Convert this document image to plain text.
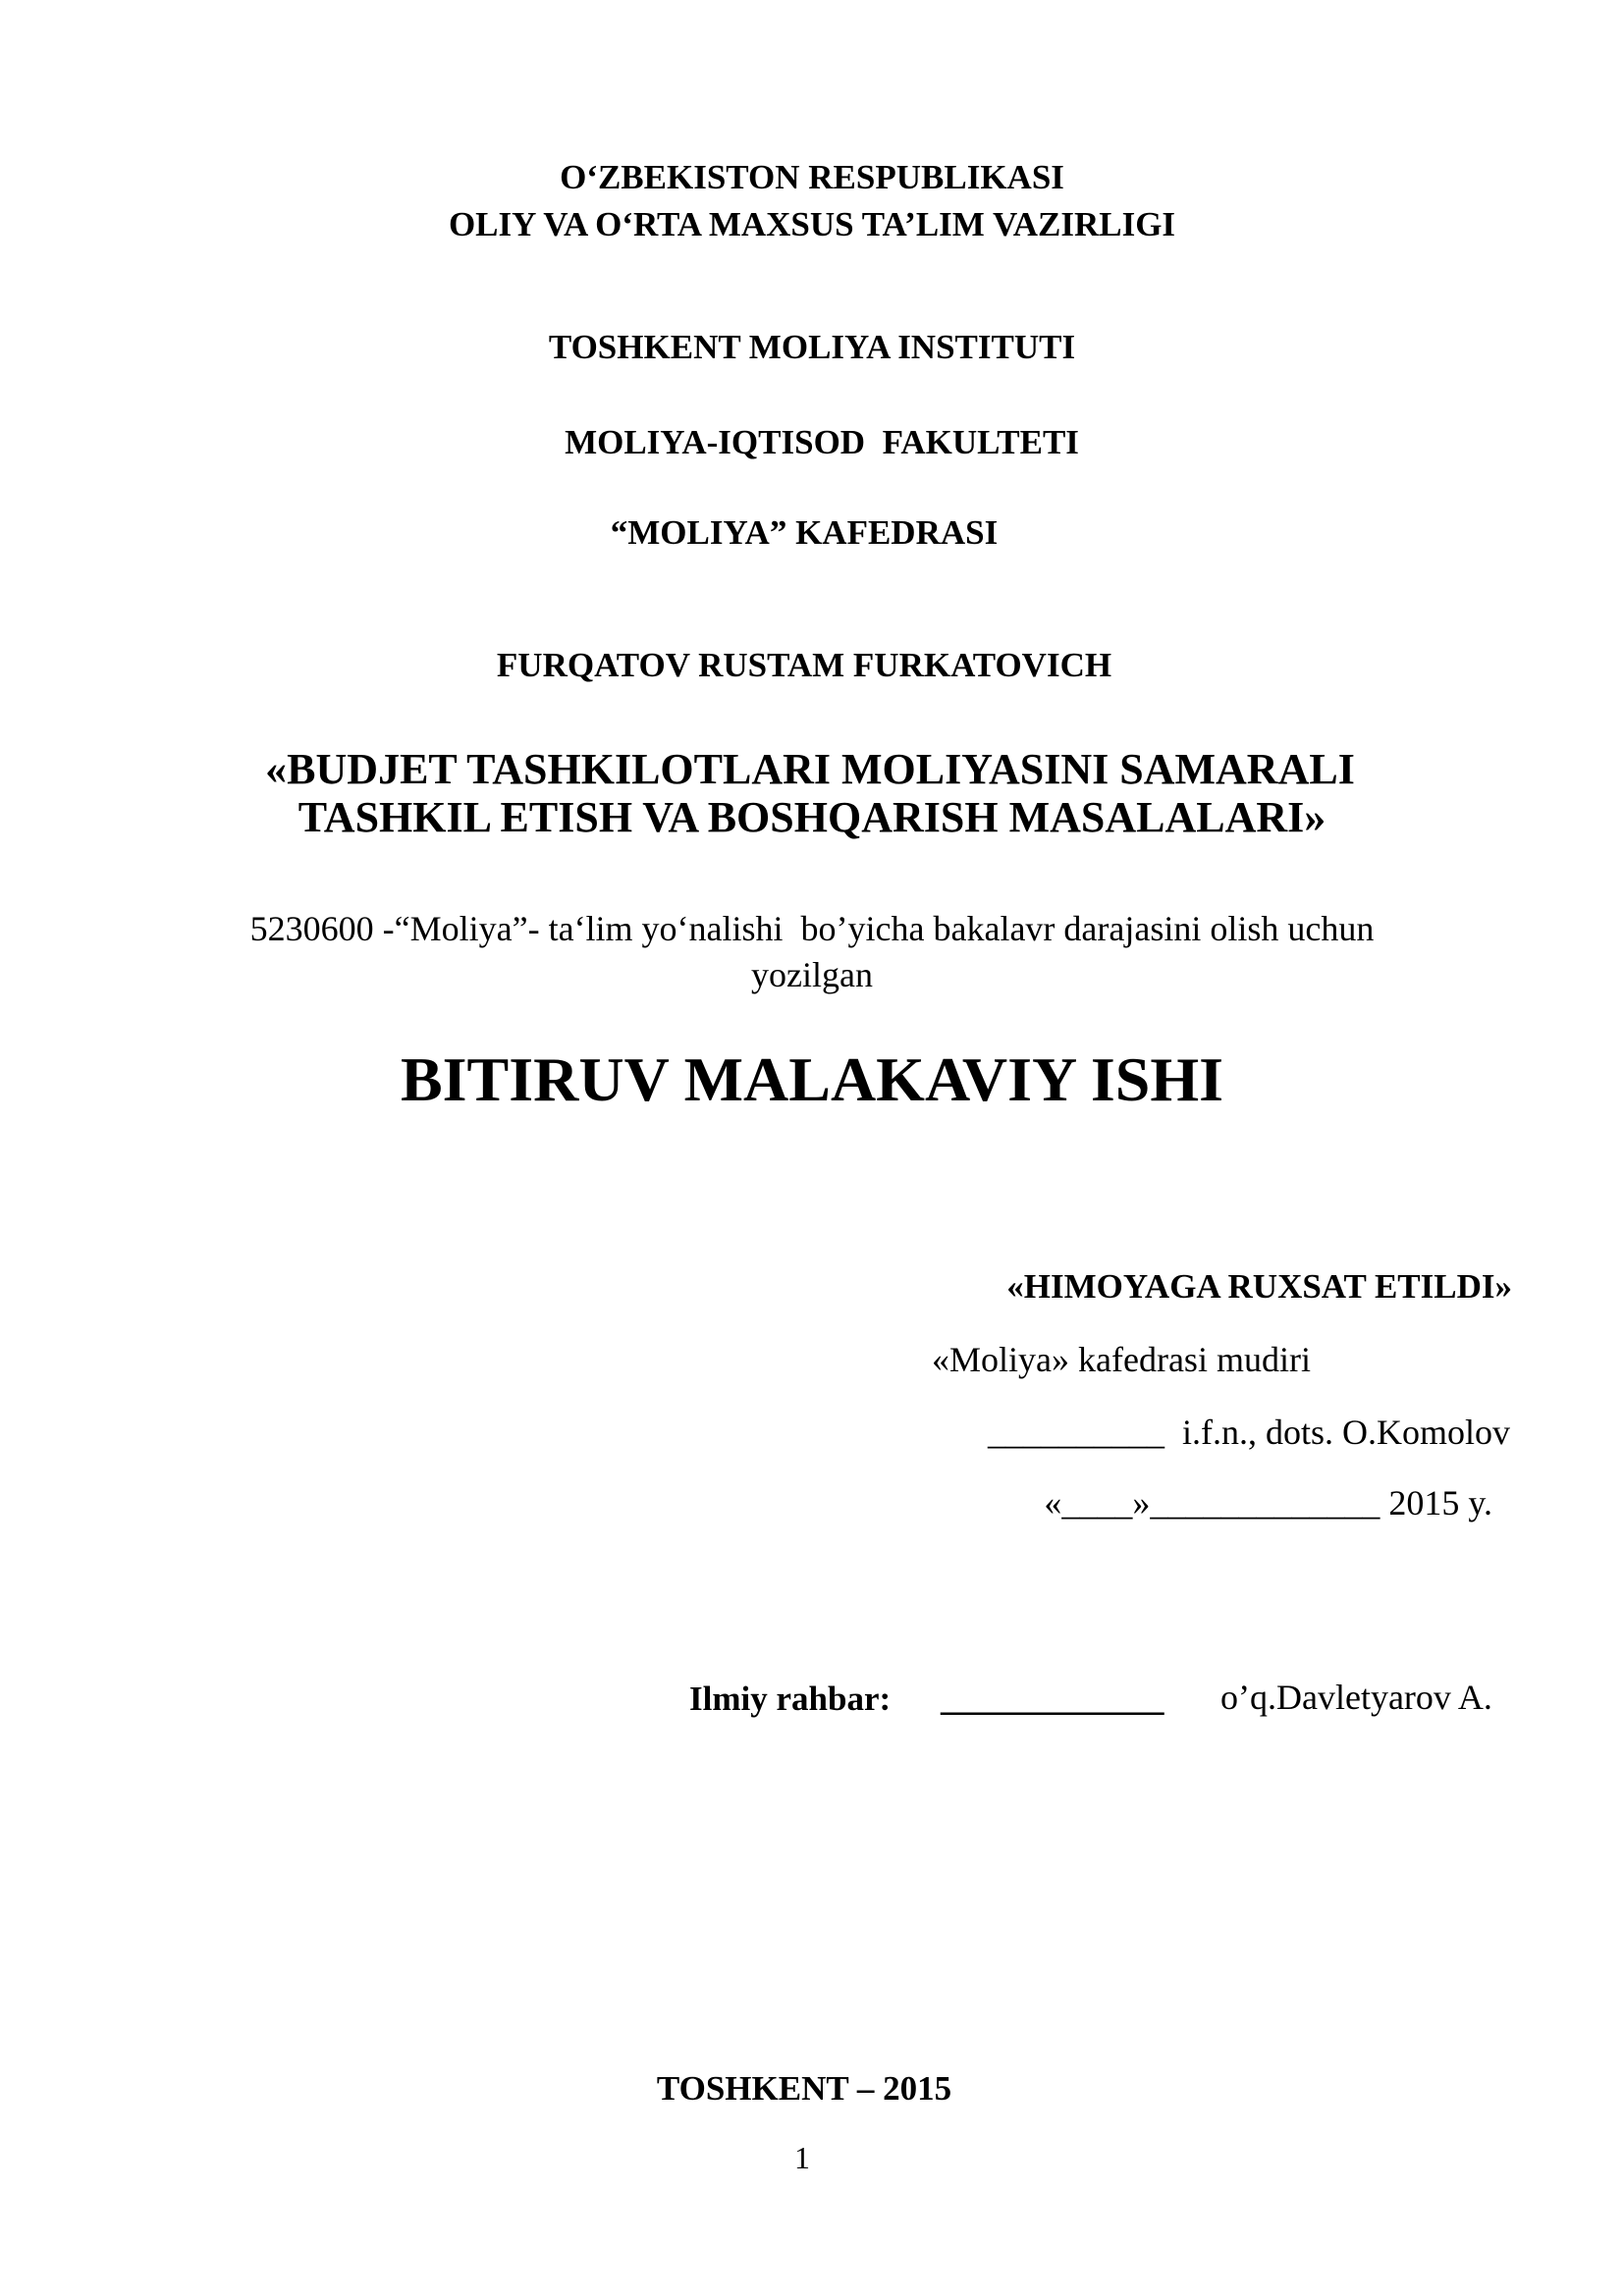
O‘ZBEKISTON RESPUBLIKASI
OLIY VA O‘RTA MAXSUS TA’LIM VAZIRLIGI
TOSHKENT MOLIYA INSTITUTI
MOLIYA-IQTISOD  FAKULTETI
“MOLIYA” KAFEDRASI
FURQATOV RUSTAM FURKATOVICH
«BUDJET TASHKILOTLARI MOLIYASINI SAMARALI
TASHKIL ETISH VA BOSHQARISH MASALALARI»
5230600 -“Moliya”- ta‘lim yo‘nalishi  bo’yicha bakalavr darajasini olish uchun
yozilgan
BITIRUV MALAKAVIY ISHI
«HIMOYAGA RUXSAT ETILDI»
«Moliya» kafedrasi mudiri
__________  i.f.n., dots. O.Komolov
«____»_____________ 2015 y.
Ilmiy rahbar: _____________ o’q.Davletyarov A.
TOSHKENT – 2015
1
